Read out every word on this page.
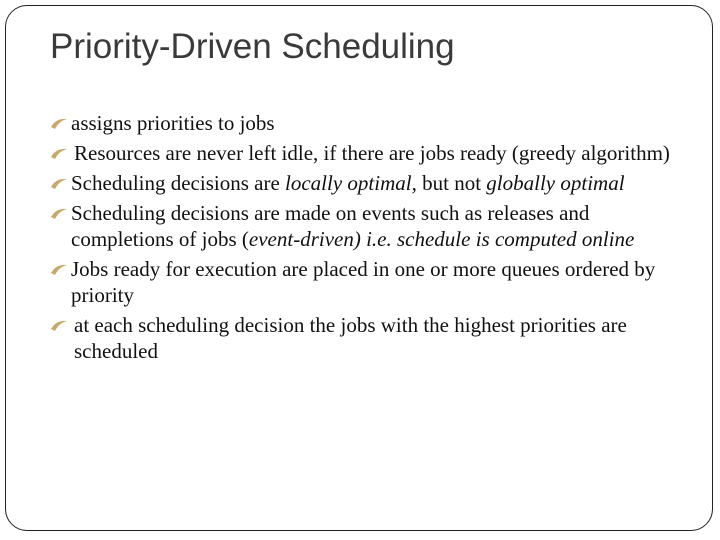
Priority-Driven Scheduling
assigns priorities to jobs
Resources are never left idle, if there are jobs ready (greedy algorithm)
Scheduling decisions are locally optimal, but not globally optimal
Scheduling decisions are made on events such as releases and completions of jobs (event-driven) i.e. schedule is computed online
Jobs ready for execution are placed in one or more queues ordered by priority
at each scheduling decision the jobs with the highest priorities are scheduled
